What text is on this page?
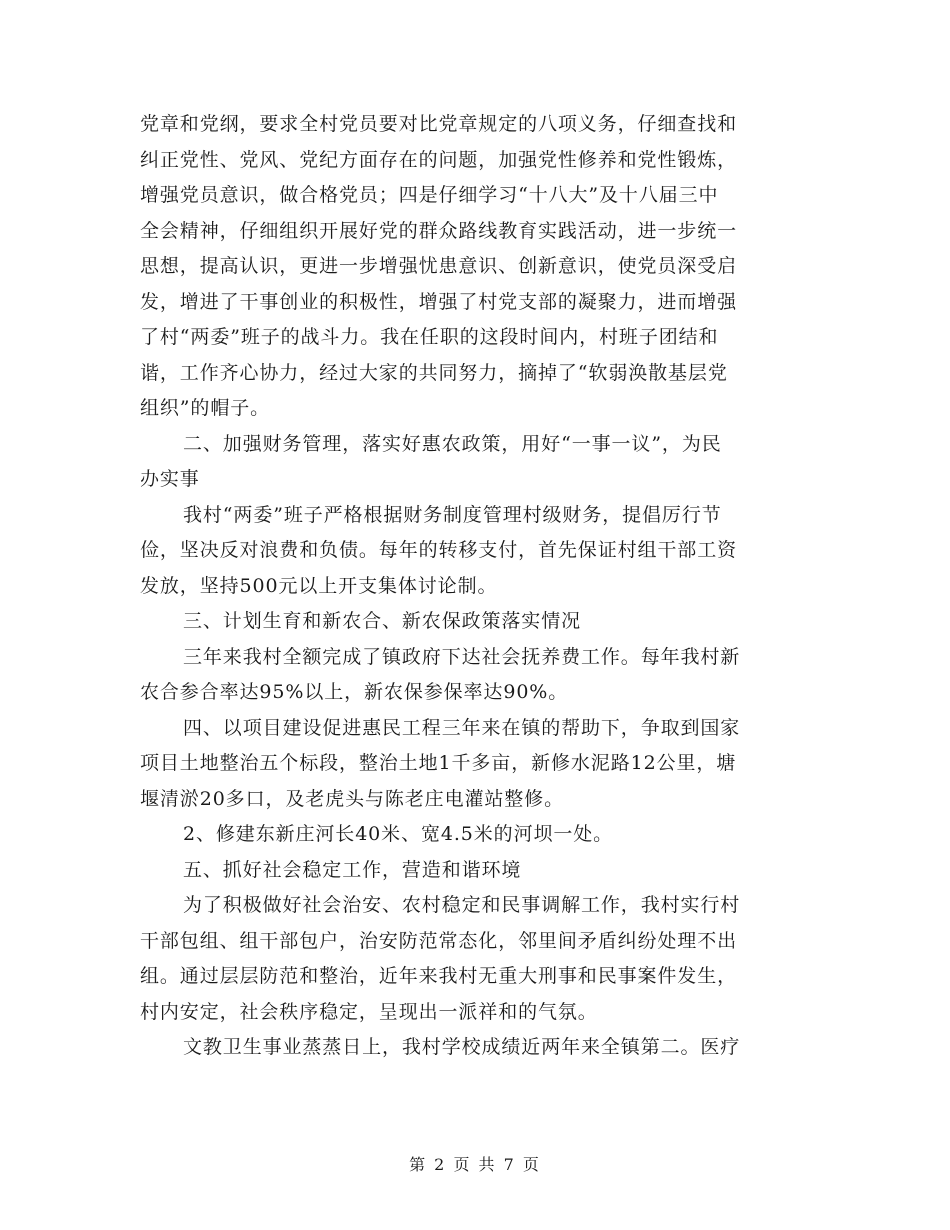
党章和党纲，要求全村党员要对比党章规定的八项义务，仔细查找和
纠正党性、党风、党纪方面存在的问题，加强党性修养和党性锻炼，
增强党员意识，做合格党员；四是仔细学习“十八大”及十八届三中
全会精神，仔细组织开展好党的群众路线教育实践活动，进一步统一
思想，提高认识，更进一步增强忧患意识、创新意识，使党员深受启
发，增进了干事创业的积极性，增强了村党支部的凝聚力，进而增强
了村“两委”班子的战斗力。我在任职的这段时间内，村班子团结和
谐，工作齐心协力，经过大家的共同努力，摘掉了“软弱涣散基层党
组织”的帽子。
二、加强财务管理，落实好惠农政策，用好“一事一议”，为民
办实事
我村“两委”班子严格根据财务制度管理村级财务，提倡厉行节
俭，坚决反对浪费和负债。每年的转移支付，首先保证村组干部工资
发放，坚持500元以上开支集体讨论制。
三、计划生育和新农合、新农保政策落实情况
三年来我村全额完成了镇政府下达社会抚养费工作。每年我村新
农合参合率达95%以上，新农保参保率达90%。
四、以项目建设促进惠民工程三年来在镇的帮助下，争取到国家
项目土地整治五个标段，整治土地1千多亩，新修水泥路12公里，塘
堰清淤20多口，及老虎头与陈老庄电灌站整修。
2、修建东新庄河长40米、宽4.5米的河坝一处。
五、抓好社会稳定工作，营造和谐环境
为了积极做好社会治安、农村稳定和民事调解工作，我村实行村
干部包组、组干部包户，治安防范常态化，邻里间矛盾纠纷处理不出
组。通过层层防范和整治，近年来我村无重大刑事和民事案件发生，
村内安定，社会秩序稳定，呈现出一派祥和的气氛。
文教卫生事业蒸蒸日上，我村学校成绩近两年来全镇第二。医疗
第 2 页 共 7 页
